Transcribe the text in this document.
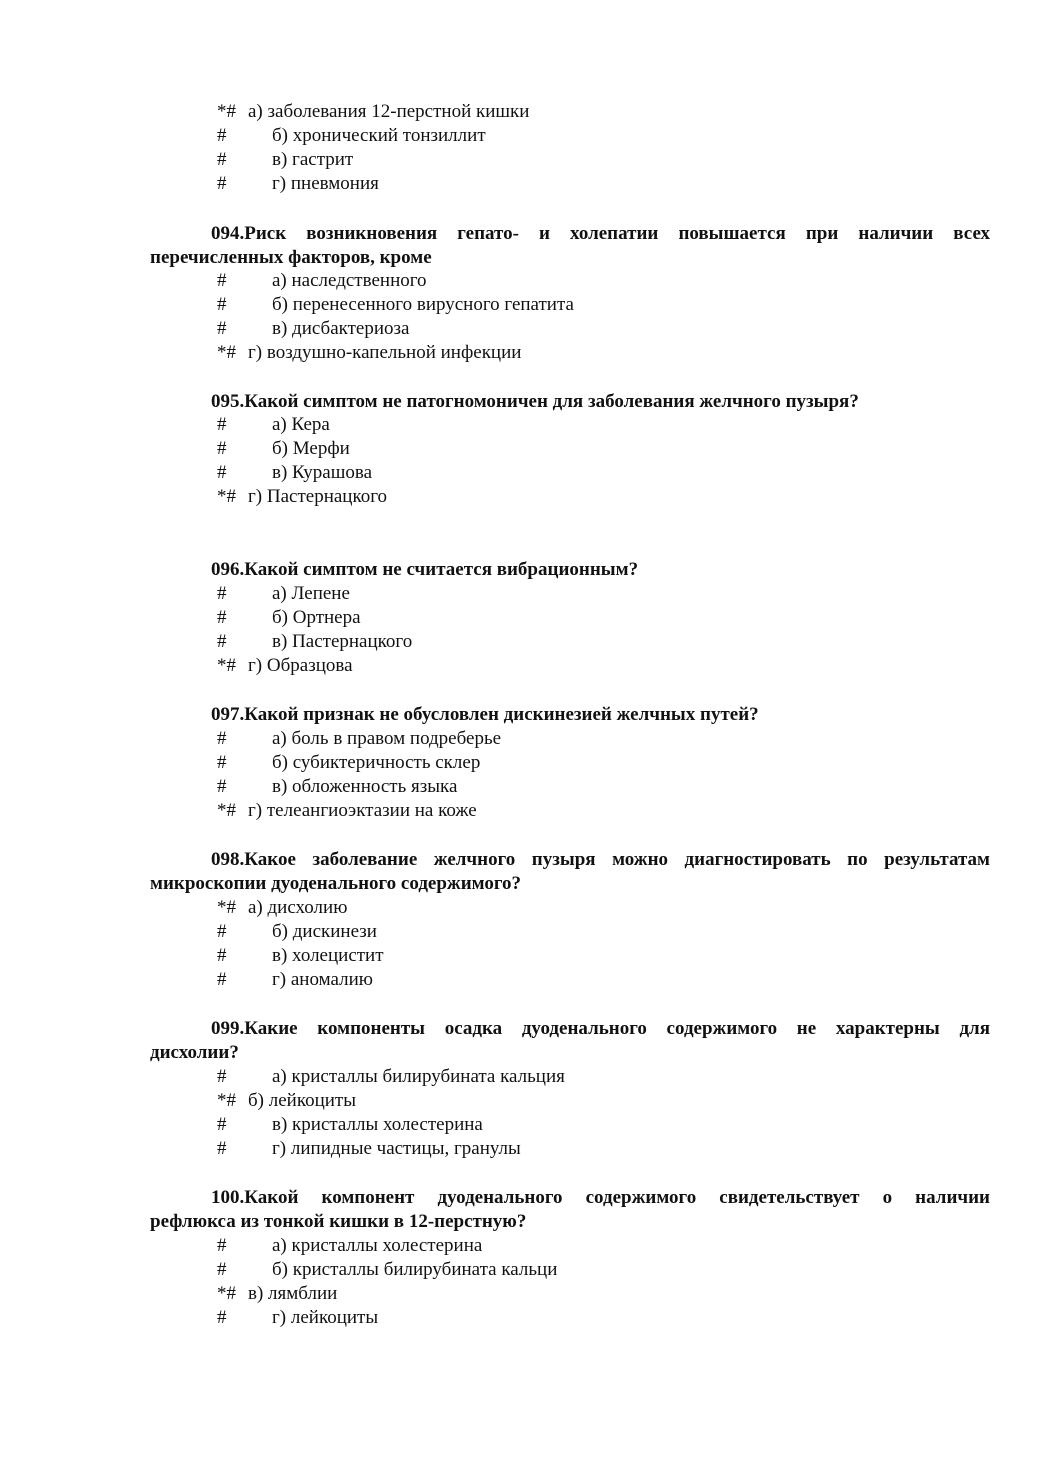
*# а) заболевания 12-перстной кишки
# б) хронический тонзиллит
# в) гастрит
# г) пневмония
094.Риск возникновения гепато- и холепатии повышается при наличии всех
перечисленных факторов, кроме
# а) наследственного
# б) перенесенного вирусного гепатита
# в) дисбактериоза
*# г) воздушно-капельной инфекции
095.Какой симптом не патогномоничен для заболевания желчного пузыря?
# а) Кера
# б) Мерфи
# в) Курашова
*# г) Пастернацкого
096.Какой симптом не считается вибрационным?
# а) Лепене
# б) Ортнера
# в) Пастернацкого
*# г) Образцова
097.Какой признак не обусловлен дискинезией желчных путей?
# а) боль в правом подреберье
# б) субиктеричность склер
# в) обложенность языка
*# г) телеангиоэктазии на коже
098.Какое заболевание желчного пузыря можно диагностировать по результатам
микроскопии дуоденального содержимого?
*# а) дисхолию
# б) дискинези
# в) холецистит
# г) аномалию
099.Какие компоненты осадка дуоденального содержимого не характерны для
дисхолии?
# а) кристаллы билирубината кальция
*# б) лейкоциты
# в) кристаллы холестерина
# г) липидные частицы, гранулы
100.Какой компонент дуоденального содержимого свидетельствует о наличии
рефлюкса из тонкой кишки в 12-перстную?
# а) кристаллы холестерина
# б) кристаллы билирубината кальци
*# в) лямблии
# г) лейкоциты
